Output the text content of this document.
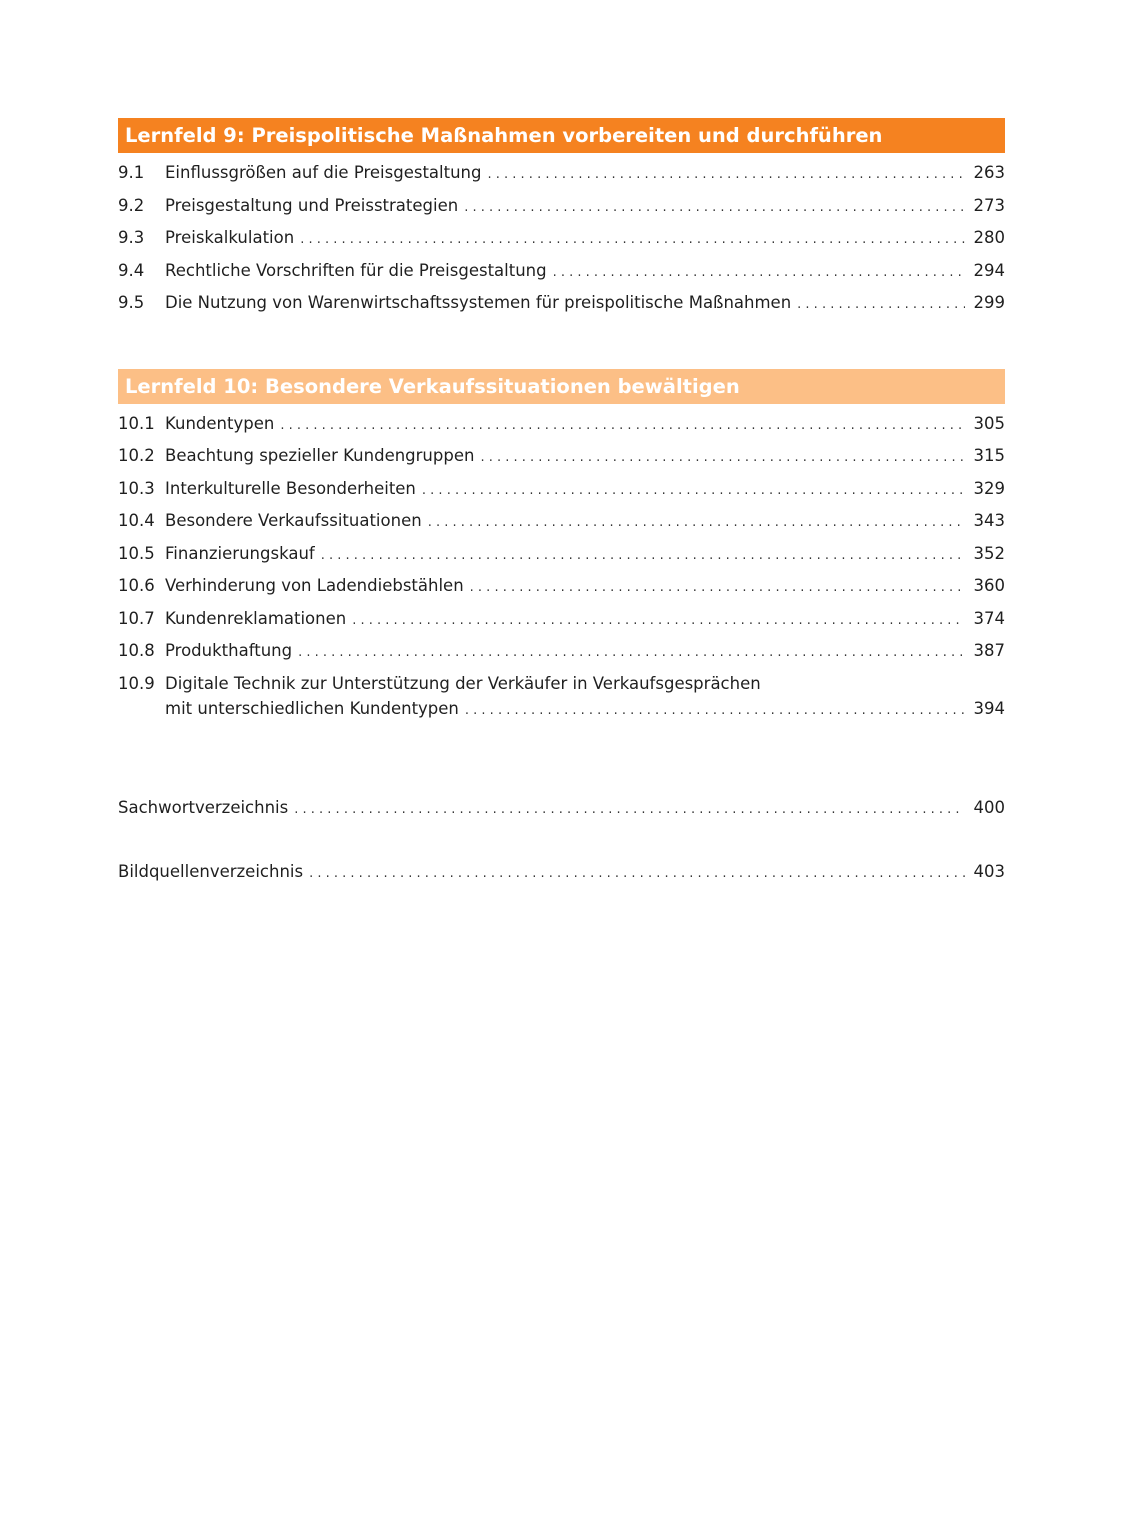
Lernfeld 9: Preispolitische Maßnahmen vorbereiten und durchführen
9.1	Einflussgrößen auf die Preisgestaltung . . .	263
9.2	Preisgestaltung und Preisstrategien . . .	273
9.3	Preiskalkulation . . .	280
9.4	Rechtliche Vorschriften für die Preisgestaltung . . .	294
9.5	Die Nutzung von Warenwirtschaftssystemen für preispolitische Maßnahmen . . .	299
Lernfeld 10: Besondere Verkaufssituationen bewältigen
10.1 Kundentypen . . .	305
10.2 Beachtung spezieller Kundengruppen . . .	315
10.3 Interkulturelle Besonderheiten . . .	329
10.4 Besondere Verkaufssituationen . . .	343
10.5 Finanzierungskauf . . .	352
10.6 Verhinderung von Ladendiebstählen . . .	360
10.7 Kundenreklamationen . . .	374
10.8 Produkthaftung . . .	387
10.9 Digitale Technik zur Unterstützung der Verkäufer in Verkaufsgesprächen
mit unterschiedlichen Kundentypen . . .	394
Sachwortverzeichnis . . .	400
Bildquellenverzeichnis . . .	403
